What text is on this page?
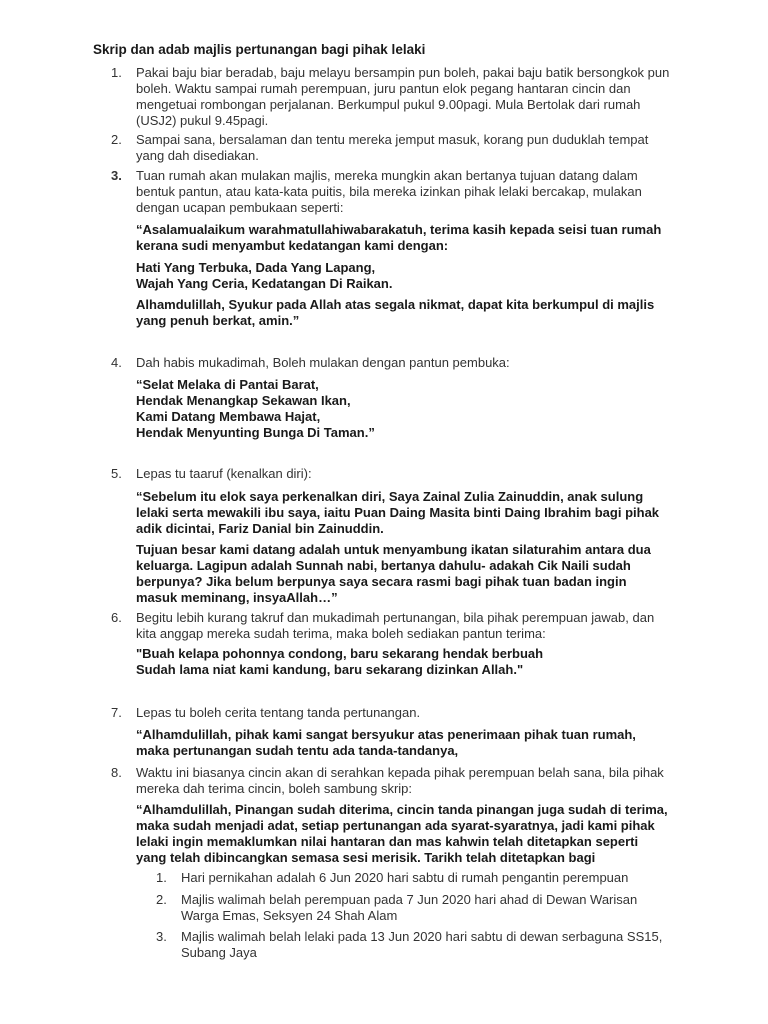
Skrip dan adab majlis pertunangan bagi pihak lelaki
1.	Pakai baju biar beradab, baju melayu bersampin pun boleh, pakai baju batik bersongkok pun
boleh. Waktu sampai rumah perempuan, juru pantun elok pegang hantaran cincin dan
mengetuai rombongan perjalanan. Berkumpul pukul 9.00pagi. Mula Bertolak dari rumah
(USJ2) pukul 9.45pagi.
2.	Sampai sana, bersalaman dan tentu mereka jemput masuk, korang pun duduklah tempat
yang dah disediakan.
3.	Tuan rumah akan mulakan majlis, mereka mungkin akan bertanya tujuan datang dalam
bentuk pantun, atau kata-kata puitis, bila mereka izinkan pihak lelaki bercakap, mulakan
dengan ucapan pembukaan seperti:
“Asalamualaikum warahmatullahiwabarakatuh, terima kasih kepada seisi tuan rumah
kerana sudi menyambut kedatangan kami dengan:
Hati Yang Terbuka, Dada Yang Lapang,
Wajah Yang Ceria, Kedatangan Di Raikan.
Alhamdulillah, Syukur pada Allah atas segala nikmat, dapat kita berkumpul di majlis
yang penuh berkat, amin.”
4.	Dah habis mukadimah, Boleh mulakan dengan pantun pembuka:
“Selat Melaka di Pantai Barat,
Hendak Menangkap Sekawan Ikan,
Kami Datang Membawa Hajat,
Hendak Menyunting Bunga Di Taman.”
5.	Lepas tu taaruf (kenalkan diri):
“Sebelum itu elok saya perkenalkan diri, Saya Zainal Zulia Zainuddin, anak sulung
lelaki serta mewakili ibu saya, iaitu Puan Daing Masita binti Daing Ibrahim bagi pihak
adik dicintai, Fariz Danial bin Zainuddin.
Tujuan besar kami datang adalah untuk menyambung ikatan silaturahim antara dua
keluarga. Lagipun adalah Sunnah nabi, bertanya dahulu- adakah Cik Naili sudah
berpunya? Jika belum berpunya saya secara rasmi bagi pihak tuan badan ingin
masuk meminang, insyaAllah…”
6.	Begitu lebih kurang takruf dan mukadimah pertunangan, bila pihak perempuan jawab, dan
kita anggap mereka sudah terima, maka boleh sediakan pantun terima:
"Buah kelapa pohonnya condong, baru sekarang hendak berbuah
Sudah lama niat kami kandung, baru sekarang dizinkan Allah."
7.	Lepas tu boleh cerita tentang tanda pertunangan.
“Alhamdulillah, pihak kami sangat bersyukur atas penerimaan pihak tuan rumah,
maka pertunangan sudah tentu ada tanda-tandanya,
8.	Waktu ini biasanya cincin akan di serahkan kepada pihak perempuan belah sana, bila pihak
mereka dah terima cincin, boleh sambung skrip:
“Alhamdulillah, Pinangan sudah diterima, cincin tanda pinangan juga sudah di terima,
maka sudah menjadi adat, setiap pertunangan ada syarat-syaratnya, jadi kami pihak
lelaki ingin memaklumkan nilai hantaran dan mas kahwin telah ditetapkan seperti
yang telah dibincangkan semasa sesi merisik. Tarikh telah ditetapkan bagi
1.	Hari pernikahan adalah 6 Jun 2020 hari sabtu di rumah pengantin perempuan
2.	Majlis walimah belah perempuan pada 7 Jun 2020 hari ahad di Dewan Warisan
Warga Emas, Seksyen 24 Shah Alam
3.	Majlis walimah belah lelaki pada 13 Jun 2020 hari sabtu di dewan serbaguna SS15,
Subang Jaya
